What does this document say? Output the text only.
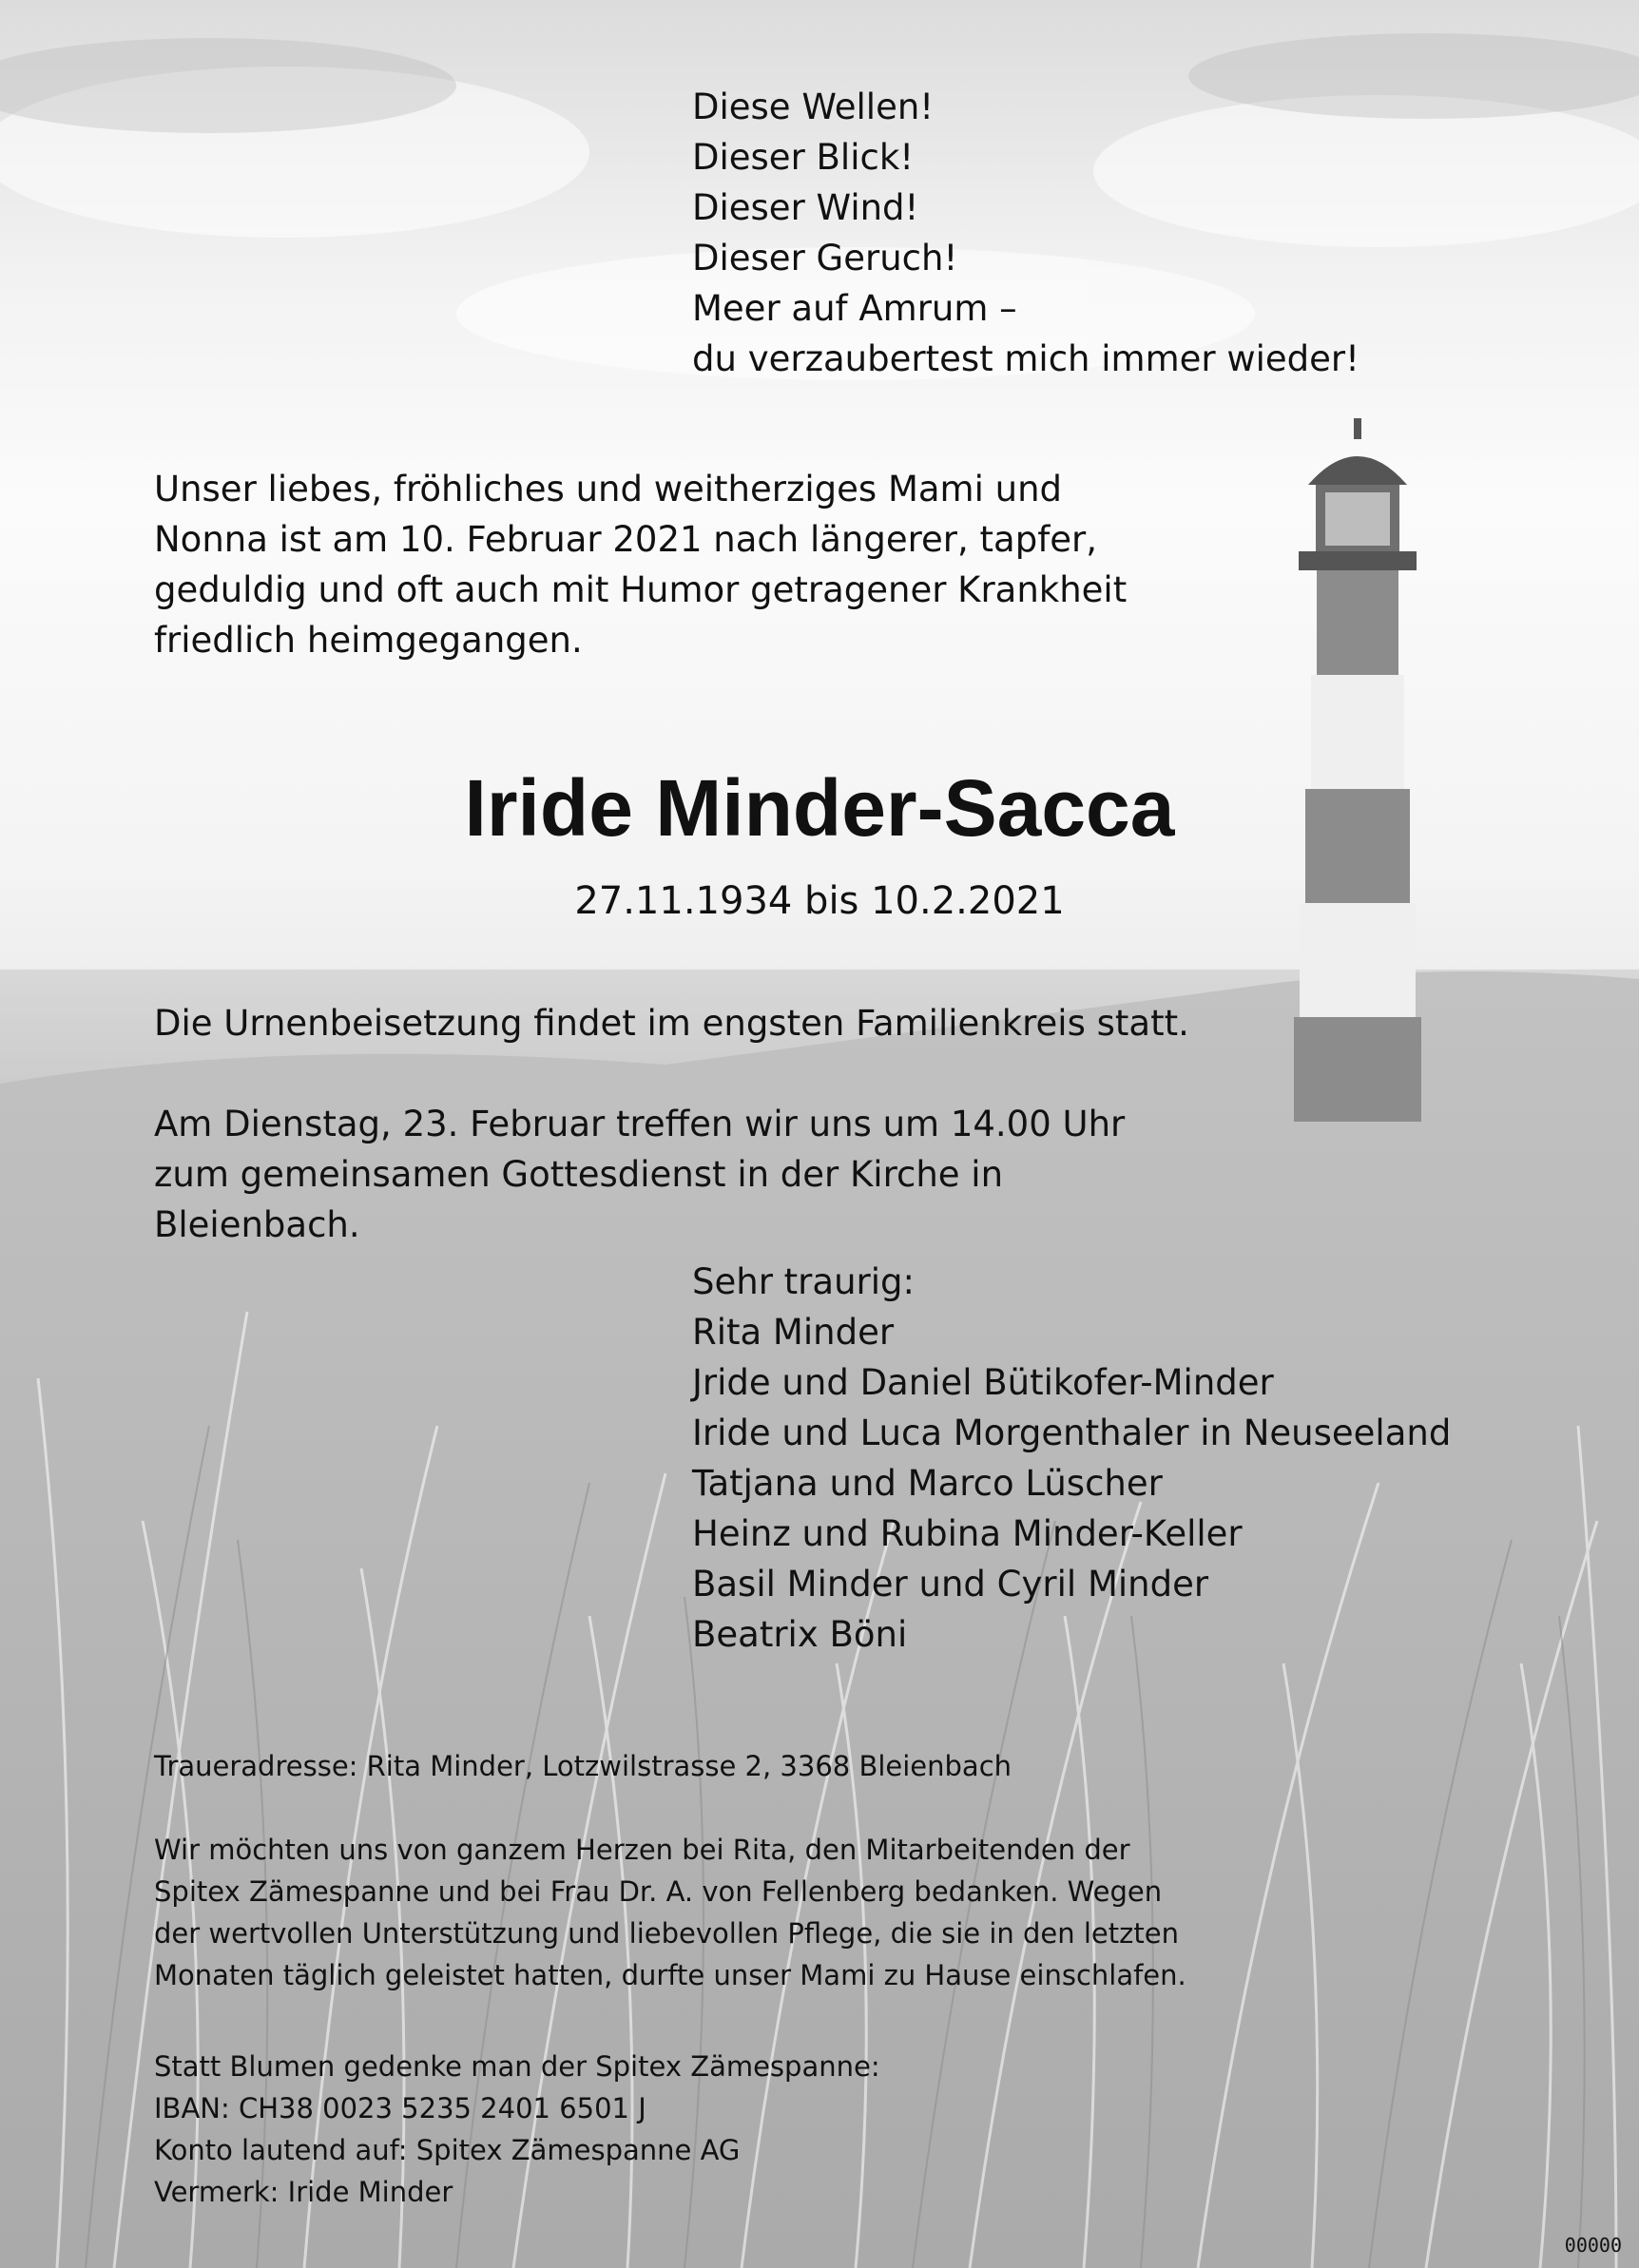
Diese Wellen!
Dieser Blick!
Dieser Wind!
Dieser Geruch!
Meer auf Amrum –
du verzaubertest mich immer wieder!
Unser liebes, fröhliches und weitherziges Mami und
Nonna ist am 10. Februar 2021 nach längerer, tapfer,
geduldig und oft auch mit Humor getragener Krankheit
friedlich heimgegangen.
Iride Minder-Sacca
27.11.1934 bis 10.2.2021
Die Urnenbeisetzung findet im engsten Familienkreis statt.
Am Dienstag, 23. Februar treffen wir uns um 14.00 Uhr
zum gemeinsamen Gottesdienst in der Kirche in
Bleienbach.
Sehr traurig:
Rita Minder
Jride und Daniel Bütikofer-Minder
Iride und Luca Morgenthaler in Neuseeland
Tatjana und Marco Lüscher
Heinz und Rubina Minder-Keller
Basil Minder und Cyril Minder
Beatrix Böni
Traueradresse: Rita Minder, Lotzwilstrasse 2, 3368 Bleienbach
Wir möchten uns von ganzem Herzen bei Rita, den Mitarbeitenden der
Spitex Zämespanne und bei Frau Dr. A. von Fellenberg bedanken. Wegen
der wertvollen Unterstützung und liebevollen Pflege, die sie in den letzten
Monaten täglich geleistet hatten, durfte unser Mami zu Hause einschlafen.
Statt Blumen gedenke man der Spitex Zämespanne:
IBAN: CH38 0023 5235 2401 6501 J
Konto lautend auf: Spitex Zämespanne AG
Vermerk: Iride Minder
00000
